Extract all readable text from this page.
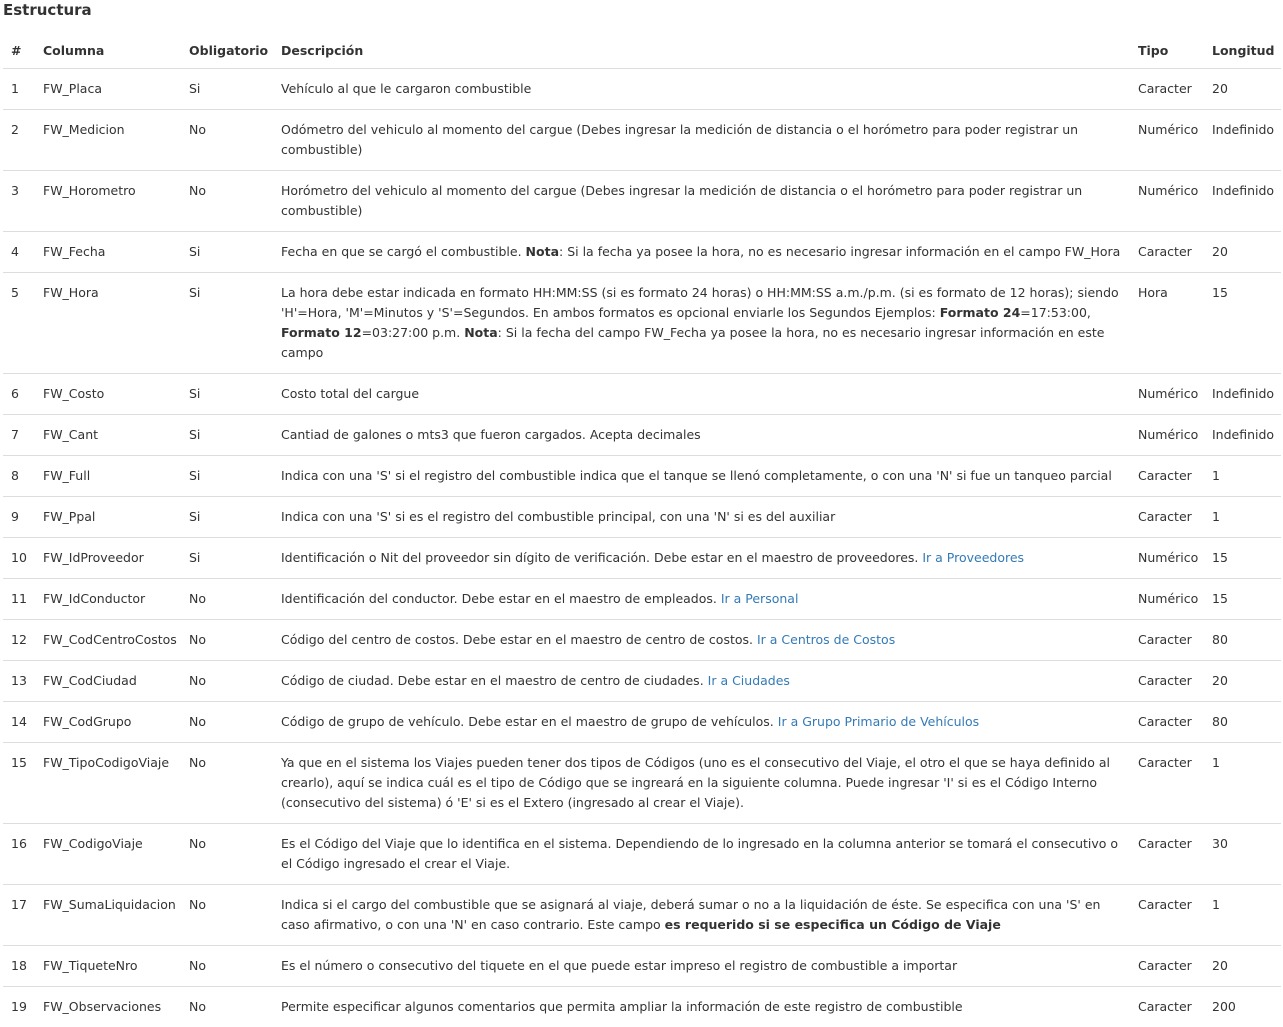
Estructura
#	Columna	Obligatorio	Descripción	Tipo	Longitud
1	FW_Placa	Si	Vehículo al que le cargaron combustible	Caracter	20
2	FW_Medicion	No	Odómetro del vehiculo al momento del cargue (Debes ingresar la medición de distancia o el horómetro para poder registrar un combustible)	Numérico	Indefinido
3	FW_Horometro	No	Horómetro del vehiculo al momento del cargue (Debes ingresar la medición de distancia o el horómetro para poder registrar un combustible)	Numérico	Indefinido
4	FW_Fecha	Si	Fecha en que se cargó el combustible. Nota: Si la fecha ya posee la hora, no es necesario ingresar información en el campo FW_Hora	Caracter	20
5	FW_Hora	Si	La hora debe estar indicada en formato HH:MM:SS (si es formato 24 horas) o HH:MM:SS a.m./p.m. (si es formato de 12 horas); siendo 'H'=Hora, 'M'=Minutos y 'S'=Segundos. En ambos formatos es opcional enviarle los Segundos Ejemplos: Formato 24=17:53:00, Formato 12=03:27:00 p.m. Nota: Si la fecha del campo FW_Fecha ya posee la hora, no es necesario ingresar información en este campo	Hora	15
6	FW_Costo	Si	Costo total del cargue	Numérico	Indefinido
7	FW_Cant	Si	Cantiad de galones o mts3 que fueron cargados. Acepta decimales	Numérico	Indefinido
8	FW_Full	Si	Indica con una 'S' si el registro del combustible indica que el tanque se llenó completamente, o con una 'N' si fue un tanqueo parcial	Caracter	1
9	FW_Ppal	Si	Indica con una 'S' si es el registro del combustible principal, con una 'N' si es del auxiliar	Caracter	1
10	FW_IdProveedor	Si	Identificación o Nit del proveedor sin dígito de verificación. Debe estar en el maestro de proveedores. Ir a Proveedores	Numérico	15
11	FW_IdConductor	No	Identificación del conductor. Debe estar en el maestro de empleados. Ir a Personal	Numérico	15
12	FW_CodCentroCostos	No	Código del centro de costos. Debe estar en el maestro de centro de costos. Ir a Centros de Costos	Caracter	80
13	FW_CodCiudad	No	Código de ciudad. Debe estar en el maestro de centro de ciudades. Ir a Ciudades	Caracter	20
14	FW_CodGrupo	No	Código de grupo de vehículo. Debe estar en el maestro de grupo de vehículos. Ir a Grupo Primario de Vehículos	Caracter	80
15	FW_TipoCodigoViaje	No	Ya que en el sistema los Viajes pueden tener dos tipos de Códigos (uno es el consecutivo del Viaje, el otro el que se haya definido al crearlo), aquí se indica cuál es el tipo de Código que se ingreará en la siguiente columna. Puede ingresar 'I' si es el Código Interno (consecutivo del sistema) ó 'E' si es el Extero (ingresado al crear el Viaje).	Caracter	1
16	FW_CodigoViaje	No	Es el Código del Viaje que lo identifica en el sistema. Dependiendo de lo ingresado en la columna anterior se tomará el consecutivo o el Código ingresado el crear el Viaje.	Caracter	30
17	FW_SumaLiquidacion	No	Indica si el cargo del combustible que se asignará al viaje, deberá sumar o no a la liquidación de éste. Se especifica con una 'S' en caso afirmativo, o con una 'N' en caso contrario. Este campo es requerido si se especifica un Código de Viaje	Caracter	1
18	FW_TiqueteNro	No	Es el número o consecutivo del tiquete en el que puede estar impreso el registro de combustible a importar	Caracter	20
19	FW_Observaciones	No	Permite especificar algunos comentarios que permita ampliar la información de este registro de combustible	Caracter	200
